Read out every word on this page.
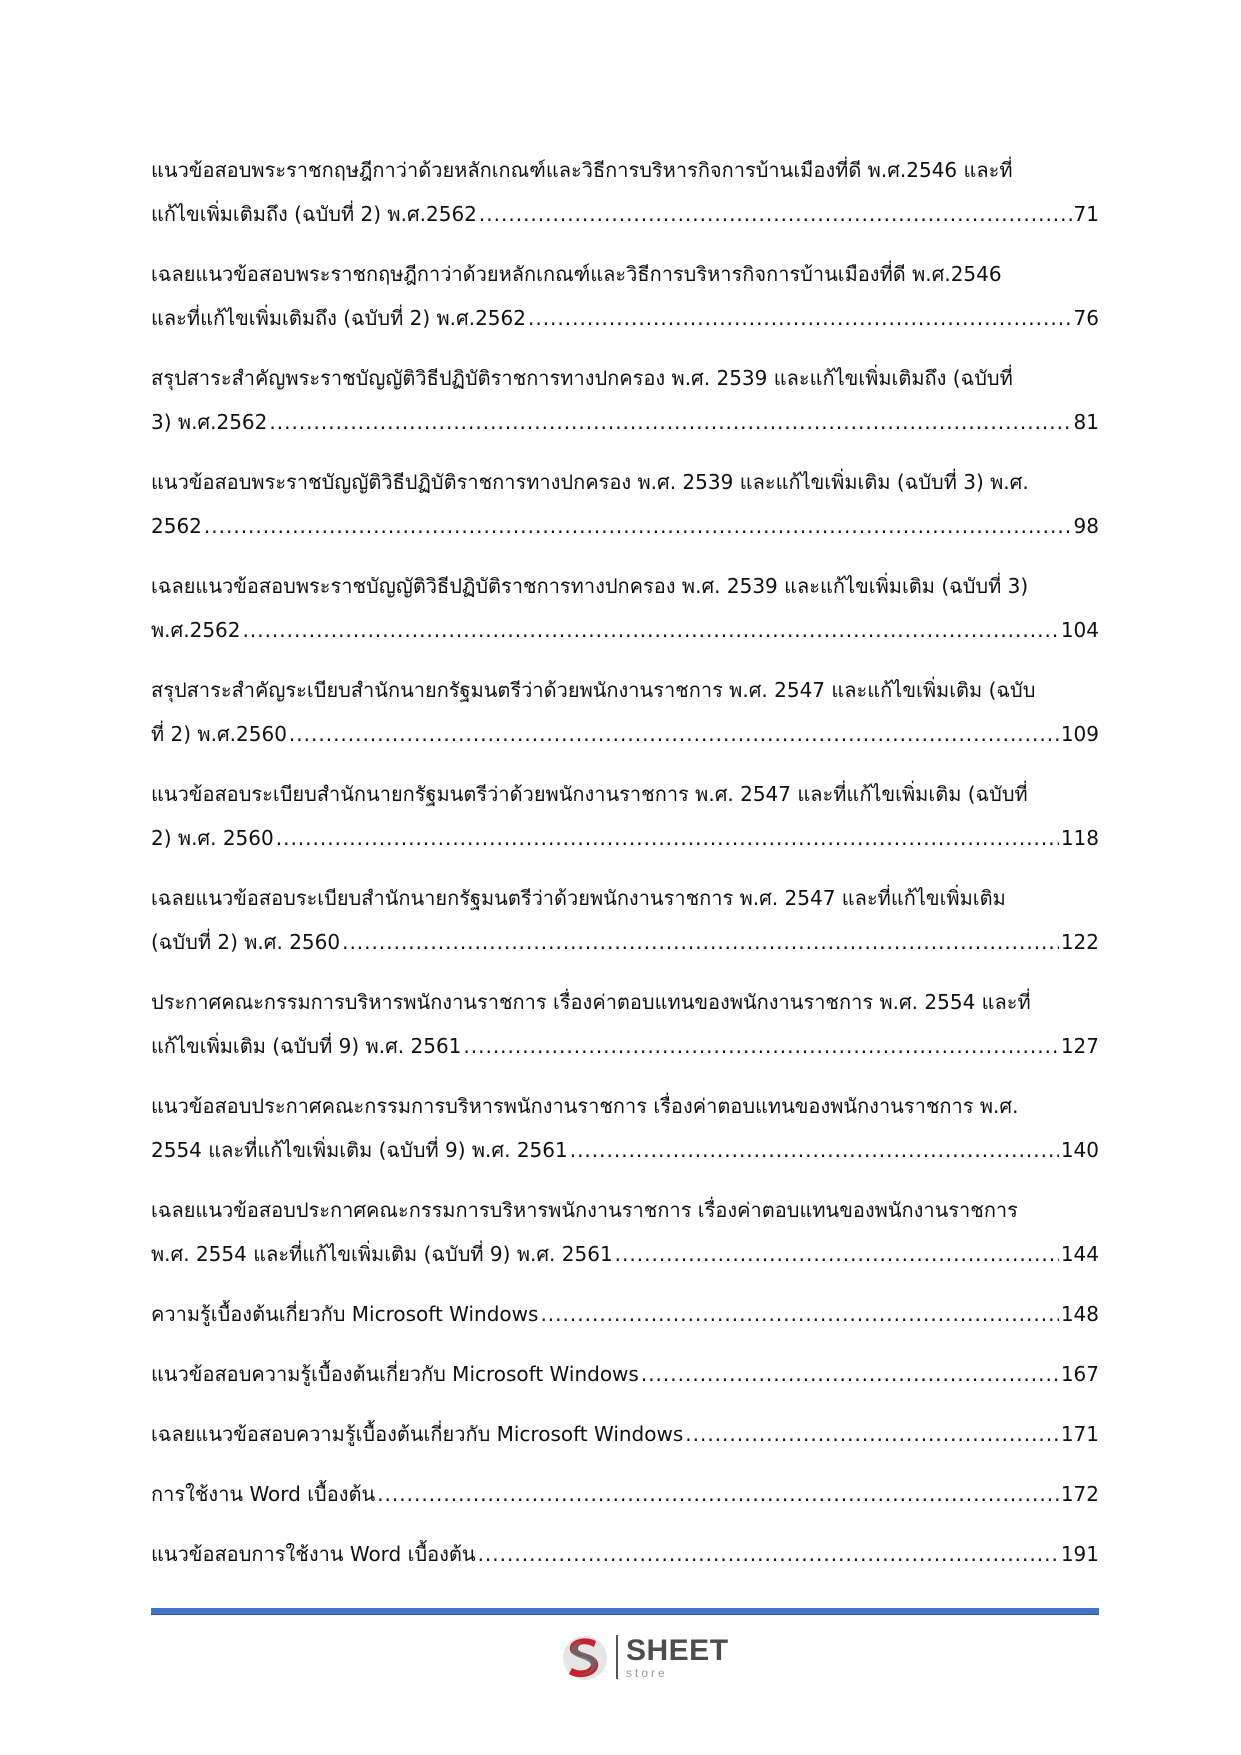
แนวข้อสอบพระราชกฤษฎีกาว่าด้วยหลักเกณฑ์และวิธีการบริหารกิจการบ้านเมืองที่ดี พ.ศ.2546 และที่
แก้ไขเพิ่มเติมถึง (ฉบับที่ 2) พ.ศ.2562 .....	71
เฉลยแนวข้อสอบพระราชกฤษฎีกาว่าด้วยหลักเกณฑ์และวิธีการบริหารกิจการบ้านเมืองที่ดี พ.ศ.2546
และที่แก้ไขเพิ่มเติมถึง (ฉบับที่ 2) พ.ศ.2562 .....	76
สรุปสาระสำคัญพระราชบัญญัติวิธีปฏิบัติราชการทางปกครอง พ.ศ. 2539 และแก้ไขเพิ่มเติมถึง (ฉบับที่
3) พ.ศ.2562 .....	81
แนวข้อสอบพระราชบัญญัติวิธีปฏิบัติราชการทางปกครอง พ.ศ. 2539 และแก้ไขเพิ่มเติม (ฉบับที่ 3) พ.ศ.
2562 .....	98
เฉลยแนวข้อสอบพระราชบัญญัติวิธีปฏิบัติราชการทางปกครอง พ.ศ. 2539 และแก้ไขเพิ่มเติม (ฉบับที่ 3)
พ.ศ.2562 .....	104
สรุปสาระสำคัญระเบียบสำนักนายกรัฐมนตรีว่าด้วยพนักงานราชการ พ.ศ. 2547 และแก้ไขเพิ่มเติม (ฉบับ
ที่ 2) พ.ศ.2560 .....	109
แนวข้อสอบระเบียบสำนักนายกรัฐมนตรีว่าด้วยพนักงานราชการ พ.ศ. 2547 และที่แก้ไขเพิ่มเติม (ฉบับที่
2) พ.ศ. 2560 .....	118
เฉลยแนวข้อสอบระเบียบสำนักนายกรัฐมนตรีว่าด้วยพนักงานราชการ พ.ศ. 2547 และที่แก้ไขเพิ่มเติม
(ฉบับที่ 2) พ.ศ. 2560 .....	122
ประกาศคณะกรรมการบริหารพนักงานราชการ เรื่องค่าตอบแทนของพนักงานราชการ พ.ศ. 2554 และที่
แก้ไขเพิ่มเติม (ฉบับที่ 9) พ.ศ. 2561 .....	127
แนวข้อสอบประกาศคณะกรรมการบริหารพนักงานราชการ เรื่องค่าตอบแทนของพนักงานราชการ พ.ศ.
2554 และที่แก้ไขเพิ่มเติม (ฉบับที่ 9) พ.ศ. 2561 .....	140
เฉลยแนวข้อสอบประกาศคณะกรรมการบริหารพนักงานราชการ เรื่องค่าตอบแทนของพนักงานราชการ
พ.ศ. 2554 และที่แก้ไขเพิ่มเติม (ฉบับที่ 9) พ.ศ. 2561 .....	144
ความรู้เบื้องต้นเกี่ยวกับ Microsoft Windows .....	148
แนวข้อสอบความรู้เบื้องต้นเกี่ยวกับ Microsoft Windows .....	167
เฉลยแนวข้อสอบความรู้เบื้องต้นเกี่ยวกับ Microsoft Windows .....	171
การใช้งาน Word เบื้องต้น .....	172
แนวข้อสอบการใช้งาน Word เบื้องต้น .....	191
SHEET
store
